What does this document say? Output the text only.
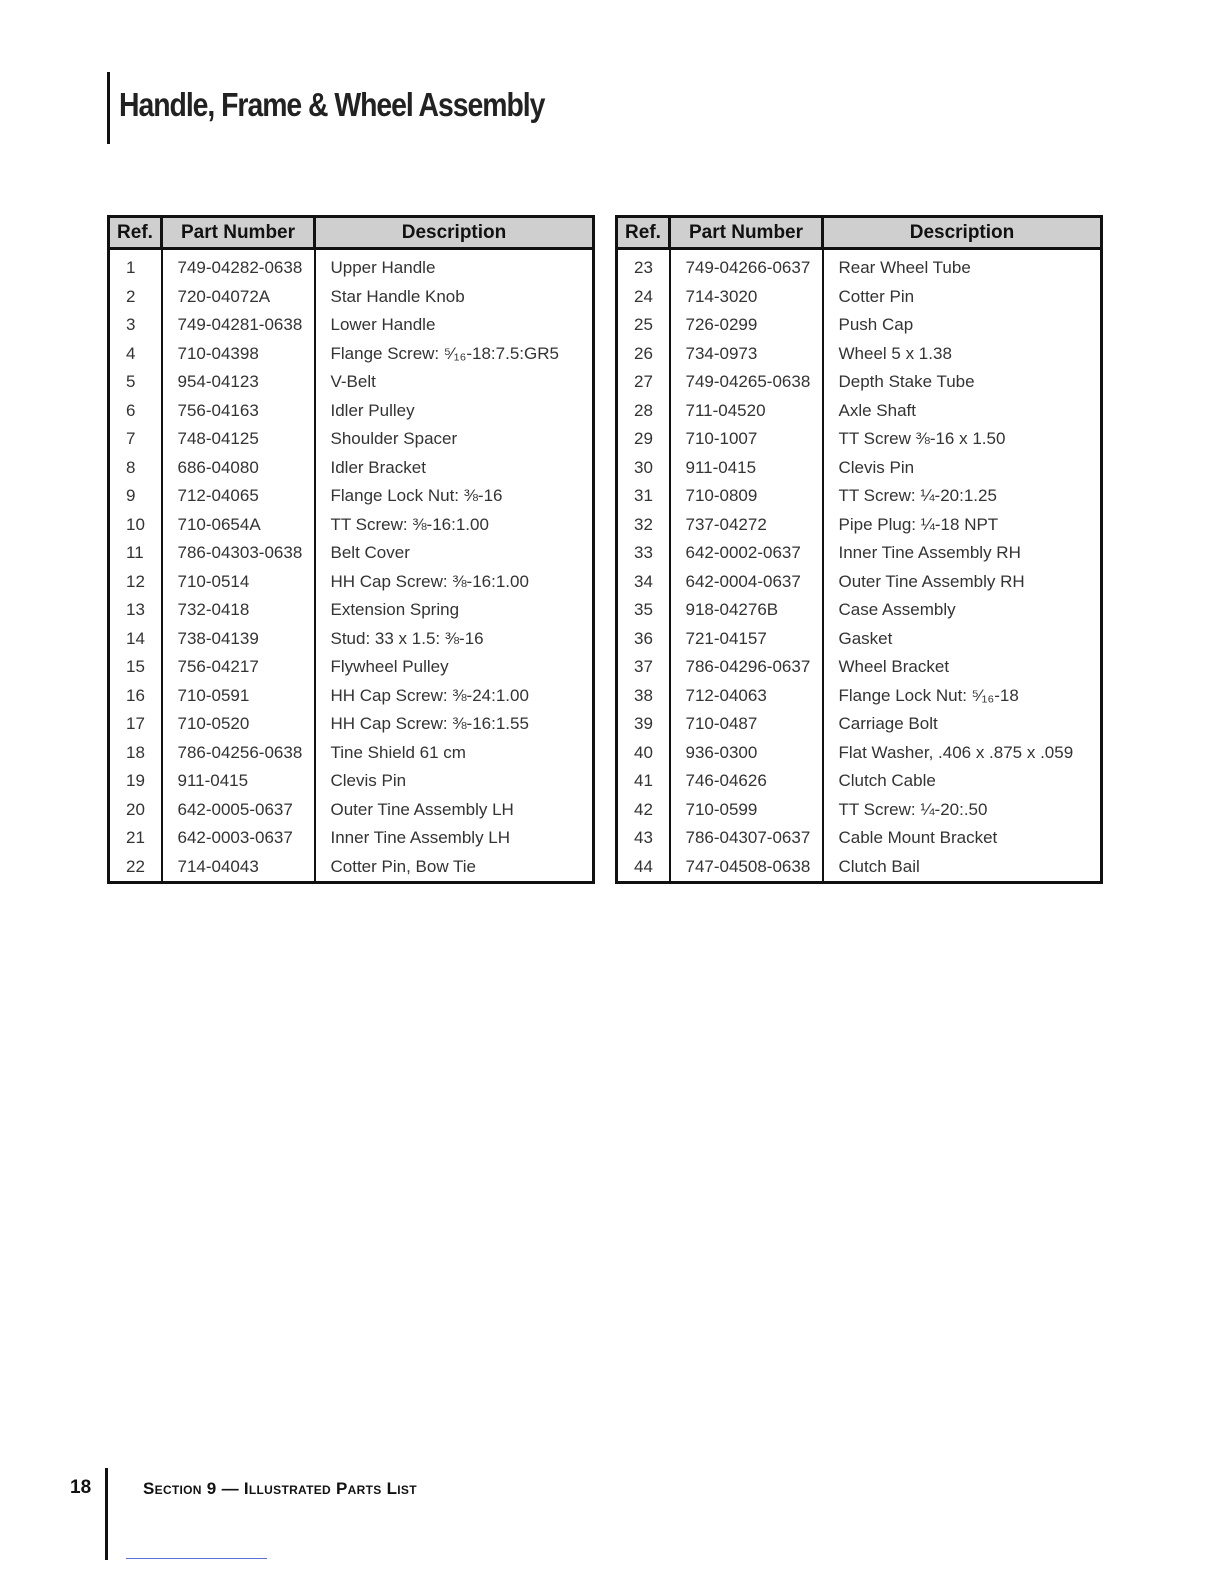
Handle, Frame & Wheel Assembly
Ref.	Part Number	Description
1	749-04282-0638	Upper Handle
2	720-04072A	Star Handle Knob
3	749-04281-0638	Lower Handle
4	710-04398	Flange Screw: ⁵⁄₁₆-18:7.5:GR5
5	954-04123	V-Belt
6	756-04163	Idler Pulley
7	748-04125	Shoulder Spacer
8	686-04080	Idler Bracket
9	712-04065	Flange Lock Nut: ⅜-16
10	710-0654A	TT Screw: ⅜-16:1.00
11	786-04303-0638	Belt Cover
12	710-0514	HH Cap Screw: ⅜-16:1.00
13	732-0418	Extension Spring
14	738-04139	Stud: 33 x 1.5: ⅜-16
15	756-04217	Flywheel Pulley
16	710-0591	HH Cap Screw: ⅜-24:1.00
17	710-0520	HH Cap Screw: ⅜-16:1.55
18	786-04256-0638	Tine Shield 61 cm
19	911-0415	Clevis Pin
20	642-0005-0637	Outer Tine Assembly LH
21	642-0003-0637	Inner Tine Assembly LH
22	714-04043	Cotter Pin, Bow Tie
Ref.	Part Number	Description
23	749-04266-0637	Rear Wheel Tube
24	714-3020	Cotter Pin
25	726-0299	Push Cap
26	734-0973	Wheel 5 x 1.38
27	749-04265-0638	Depth Stake Tube
28	711-04520	Axle Shaft
29	710-1007	TT Screw ⅜-16 x 1.50
30	911-0415	Clevis Pin
31	710-0809	TT Screw: ¼-20:1.25
32	737-04272	Pipe Plug: ¼-18 NPT
33	642-0002-0637	Inner Tine Assembly RH
34	642-0004-0637	Outer Tine Assembly RH
35	918-04276B	Case Assembly
36	721-04157	Gasket
37	786-04296-0637	Wheel Bracket
38	712-04063	Flange Lock Nut: ⁵⁄₁₆-18
39	710-0487	Carriage Bolt
40	936-0300	Flat Washer, .406 x .875 x .059
41	746-04626	Clutch Cable
42	710-0599	TT Screw: ¼-20:.50
43	786-04307-0637	Cable Mount Bracket
44	747-04508-0638	Clutch Bail
18	Section 9 — Illustrated Parts List
